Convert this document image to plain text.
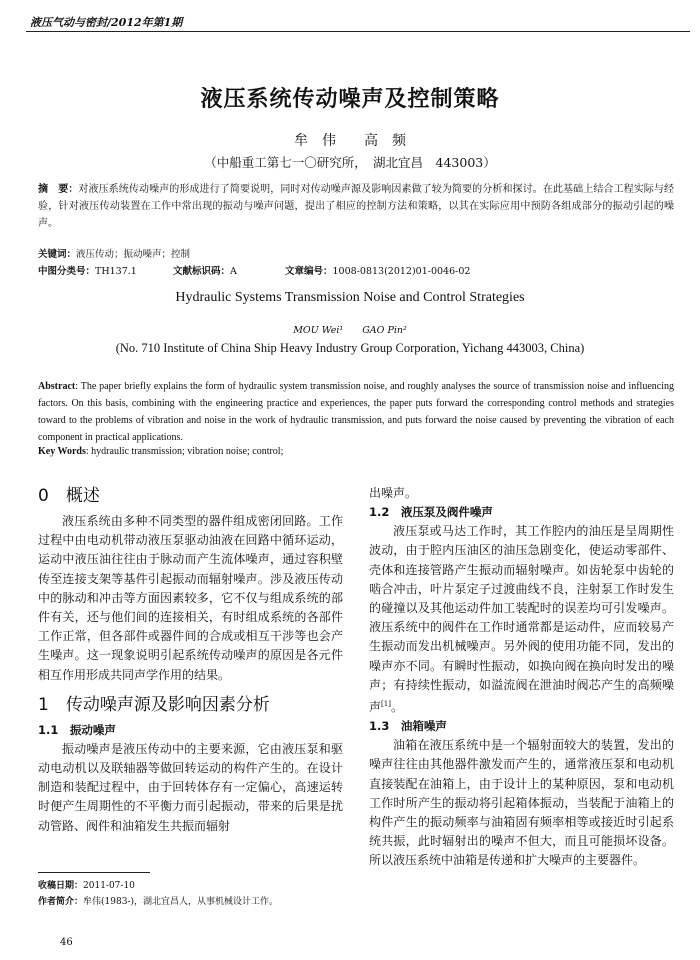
液压气动与密封/2012年第1期
液压系统传动噪声及控制策略
牟　伟　　高　频
（中船重工第七一〇研究所，　湖北宜昌　443003）
摘　要：对液压系统传动噪声的形成进行了简要说明，同时对传动噪声源及影响因素做了较为简要的分析和探讨。在此基础上结合工程实际与经验，针对液压传动装置在工作中常出现的振动与噪声问题，提出了相应的控制方法和策略，以其在实际应用中预防各组成部分的振动引起的噪声。
关键词：液压传动；振动噪声；控制
中图分类号：TH137.1	文献标识码：A	文章编号：1008-0813(2012)01-0046-02
Hydraulic Systems Transmission Noise and Control Strategies
MOU Wei¹　　GAO Pin²
(No. 710 Institute of China Ship Heavy Industry Group Corporation, Yichang 443003, China)
Abstract: The paper briefly explains the form of hydraulic system transmission noise, and roughly analyses the source of transmission noise and influencing factors. On this basis, combining with the engineering practice and experiences, the paper puts forward the corresponding control methods and strategies toward to the problems of vibration and noise in the work of hydraulic transmission, and puts forward the noise caused by preventing the vibration of each component in practical applications.
Key Words: hydraulic transmission; vibration noise; control;
0　概述
液压系统由多种不同类型的器件组成密闭回路。工作过程中由电动机带动液压泵驱动油液在回路中循环运动，运动中液压油往往由于脉动而产生流体噪声，通过容积壁传至连接支架等基件引起振动而辐射噪声。涉及液压传动中的脉动和冲击等方面因素较多，它不仅与组成系统的部件有关，还与他们间的连接相关，有时组成系统的各部件工作正常，但各部件或器件间的合成或相互干涉等也会产生噪声。这一现象说明引起系统传动噪声的原因是各元件相互作用形成共同声学作用的结果。
1　传动噪声源及影响因素分析
1.1　振动噪声
振动噪声是液压传动中的主要来源，它由液压泵和驱动电动机以及联轴器等做回转运动的构件产生的。在设计制造和装配过程中，由于回转体存有一定偏心，高速运转时便产生周期性的不平衡力而引起振动，带来的后果是扰动管路、阀件和油箱发生共振而辐射
出噪声。
1.2　液压泵及阀件噪声
液压泵或马达工作时，其工作腔内的油压是呈周期性波动，由于腔内压油区的油压急剧变化，使运动零部件、壳体和连接管路产生振动而辐射噪声。如齿轮泵中齿轮的啮合冲击，叶片泵定子过渡曲线不良，注射泵工作时发生的碰撞以及其他运动件加工装配时的误差均可引发噪声。液压系统中的阀件在工作时通常都是运动件，应而较易产生振动而发出机械噪声。另外阀的使用功能不同，发出的噪声亦不同。有瞬时性振动，如换向阀在换向时发出的噪声；有持续性振动，如溢流阀在泄油时阀芯产生的高频噪声[1]。
1.3　油箱噪声
油箱在液压系统中是一个辐射面较大的装置，发出的噪声往往由其他器件激发而产生的，通常液压泵和电动机直接装配在油箱上，由于设计上的某种原因，泵和电动机工作时所产生的振动将引起箱体振动，当装配于油箱上的构件产生的振动频率与油箱固有频率相等或接近时引起系统共振，此时辐射出的噪声不但大，而且可能损坏设备。所以液压系统中油箱是传递和扩大噪声的主要器件。
收稿日期：2011-07-10
作者简介：牟伟(1983-)，湖北宜昌人，从事机械设计工作。
46
